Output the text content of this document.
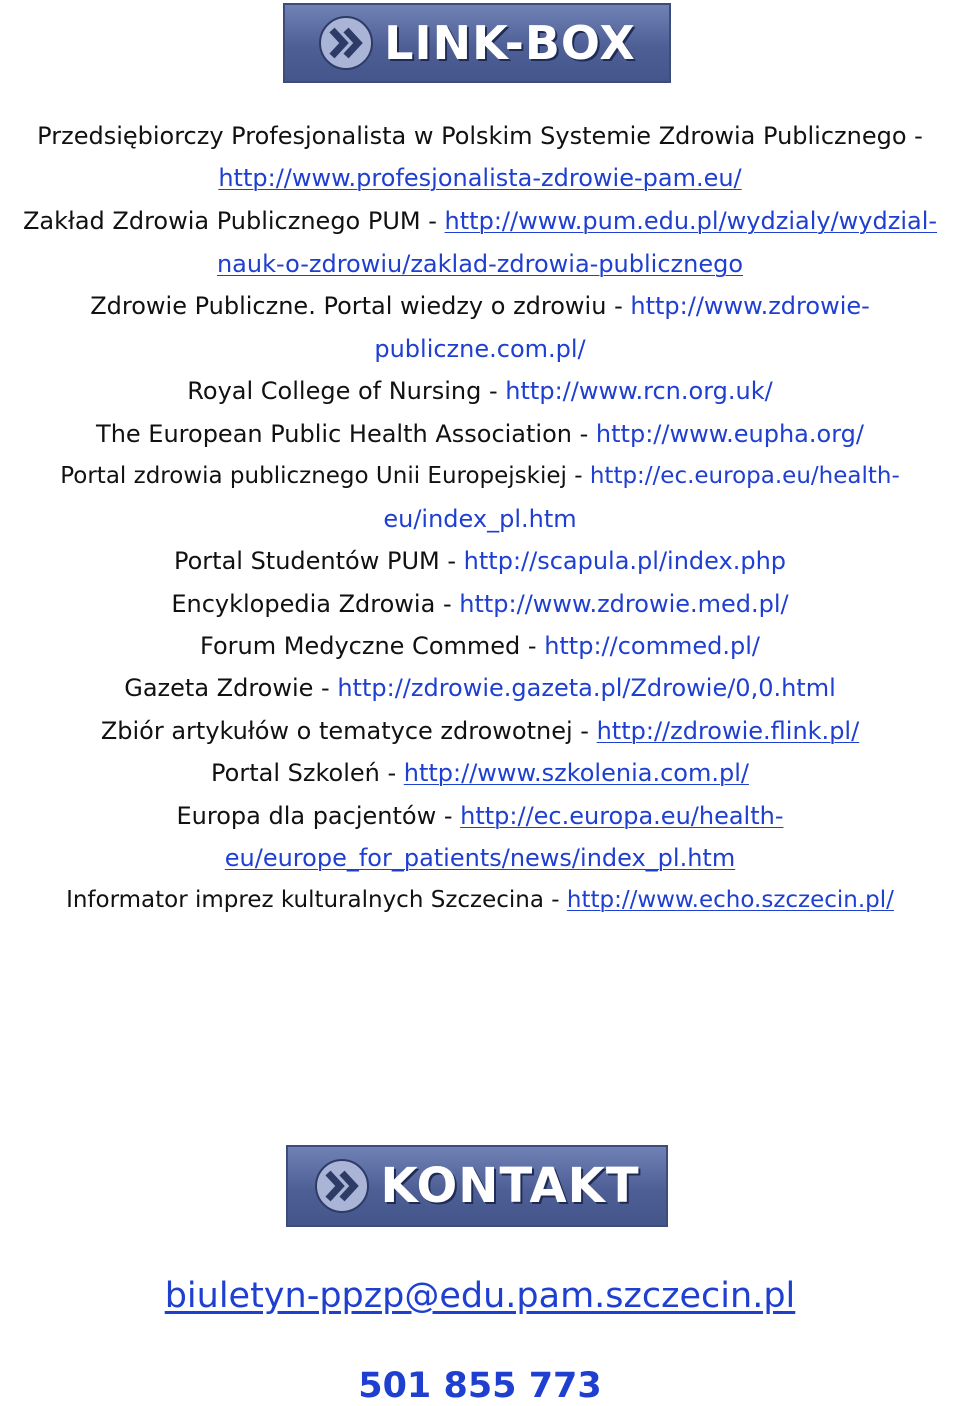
LINK-BOX
Przedsiębiorczy Profesjonalista w Polskim Systemie Zdrowia Publicznego -
http://www.profesjonalista-zdrowie-pam.eu/
Zakład Zdrowia Publicznego PUM - http://www.pum.edu.pl/wydzialy/wydzial-
nauk-o-zdrowiu/zaklad-zdrowia-publicznego
Zdrowie Publiczne. Portal wiedzy o zdrowiu - http://www.zdrowie-
publiczne.com.pl/
Royal College of Nursing - http://www.rcn.org.uk/
The European Public Health Association - http://www.eupha.org/
Portal zdrowia publicznego Unii Europejskiej - http://ec.europa.eu/health-
eu/index_pl.htm
Portal Studentów PUM - http://scapula.pl/index.php
Encyklopedia Zdrowia - http://www.zdrowie.med.pl/
Forum Medyczne Commed - http://commed.pl/
Gazeta Zdrowie - http://zdrowie.gazeta.pl/Zdrowie/0,0.html
Zbiór artykułów o tematyce zdrowotnej - http://zdrowie.flink.pl/
Portal Szkoleń - http://www.szkolenia.com.pl/
Europa dla pacjentów - http://ec.europa.eu/health-
eu/europe_for_patients/news/index_pl.htm
Informator imprez kulturalnych Szczecina - http://www.echo.szczecin.pl/
KONTAKT
biuletyn-ppzp@edu.pam.szczecin.pl
501 855 773
